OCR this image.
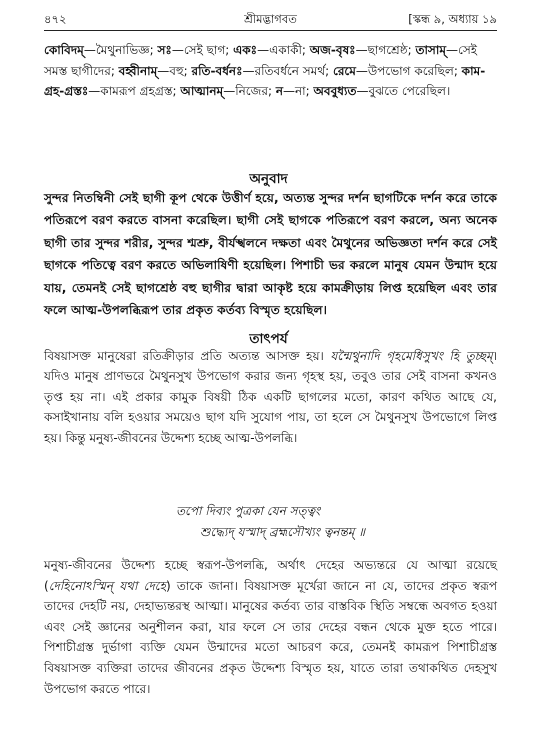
৪৭২	শ্রীমদ্ভাগবত	[স্কন্ধ ৯, অধ্যায় ১৯

কোবিদম্—মৈথুনাভিজ্ঞ; সঃ—সেই ছাগ; একঃ—একাকী; অজ-বৃষঃ—ছাগশ্রেষ্ঠ; তাসাম্—সেই সমস্ত ছাগীদের; বহ্বীনাম্—বহু; রতি-বর্ধনঃ—রতিবর্ধনে সমর্থ; রেমে—উপভোগ করেছিল; কাম-গ্রহ-গ্রস্তঃ—কামরূপ গ্রহগ্রস্ত; আত্মানম্—নিজের; ন—না; অববুধ্যত—বুঝতে পেরেছিল।

অনুবাদ

সুন্দর নিতম্বিনী সেই ছাগী কূপ থেকে উত্তীর্ণ হয়ে, অত্যন্ত সুন্দর দর্শন ছাগটিকে দর্শন করে তাকে পতিরূপে বরণ করতে বাসনা করেছিল। ছাগী সেই ছাগকে পতিরূপে বরণ করলে, অন্য অনেক ছাগী তার সুন্দর শরীর, সুন্দর শ্মশ্রু, বীর্যস্খলনে দক্ষতা এবং মৈথুনের অভিজ্ঞতা দর্শন করে সেই ছাগকে পতিত্বে বরণ করতে অভিলাষিণী হয়েছিল। পিশাচী ভর করলে মানুষ যেমন উন্মাদ হয়ে যায়, তেমনই সেই ছাগশ্রেষ্ঠ বহু ছাগীর দ্বারা আকৃষ্ট হয়ে কামক্রীড়ায় লিপ্ত হয়েছিল এবং তার ফলে আত্ম-উপলব্ধিরূপ তার প্রকৃত কর্তব্য বিস্মৃত হয়েছিল।

তাৎপর্য

বিষয়াসক্ত মানুষেরা রতিক্রীড়ার প্রতি অত্যন্ত আসক্ত হয়। যন্মৈথুনাদি গৃহমেধিসুখং হি তুচ্ছম্। যদিও মানুষ প্রাণভরে মৈথুনসুখ উপভোগ করার জন্য গৃহস্থ হয়, তবুও তার সেই বাসনা কখনও তৃপ্ত হয় না। এই প্রকার কামুক বিষয়ী ঠিক একটি ছাগলের মতো, কারণ কথিত আছে যে, কসাইখানায় বলি হওয়ার সময়েও ছাগ যদি সুযোগ পায়, তা হলে সে মৈথুনসুখ উপভোগে লিপ্ত হয়। কিন্তু মনুষ্য-জীবনের উদ্দেশ্য হচ্ছে আত্ম-উপলব্ধি।

তপো দিব্যং পুত্রকা যেন সত্ত্বং
শুদ্ধ্যেদ্ যস্মাদ্ ব্রহ্মসৌখ্যং ত্বনন্তম্ ॥

মনুষ্য-জীবনের উদ্দেশ্য হচ্ছে স্বরূপ-উপলব্ধি, অর্থাৎ দেহের অভ্যন্তরে যে আত্মা রয়েছে (দেহিনোঽস্মিন্ যথা দেহে) তাকে জানা। বিষয়াসক্ত মূর্খেরা জানে না যে, তাদের প্রকৃত স্বরূপ তাদের দেহটি নয়, দেহাভ্যন্তরস্থ আত্মা। মানুষের কর্তব্য তার বাস্তবিক স্থিতি সম্বন্ধে অবগত হওয়া এবং সেই জ্ঞানের অনুশীলন করা, যার ফলে সে তার দেহের বন্ধন থেকে মুক্ত হতে পারে। পিশাচীগ্রস্ত দুর্ভাগা ব্যক্তি যেমন উন্মাদের মতো আচরণ করে, তেমনই কামরূপ পিশাচীগ্রস্ত বিষয়াসক্ত ব্যক্তিরা তাদের জীবনের প্রকৃত উদ্দেশ্য বিস্মৃত হয়, যাতে তারা তথাকথিত দেহসুখ উপভোগ করতে পারে।
